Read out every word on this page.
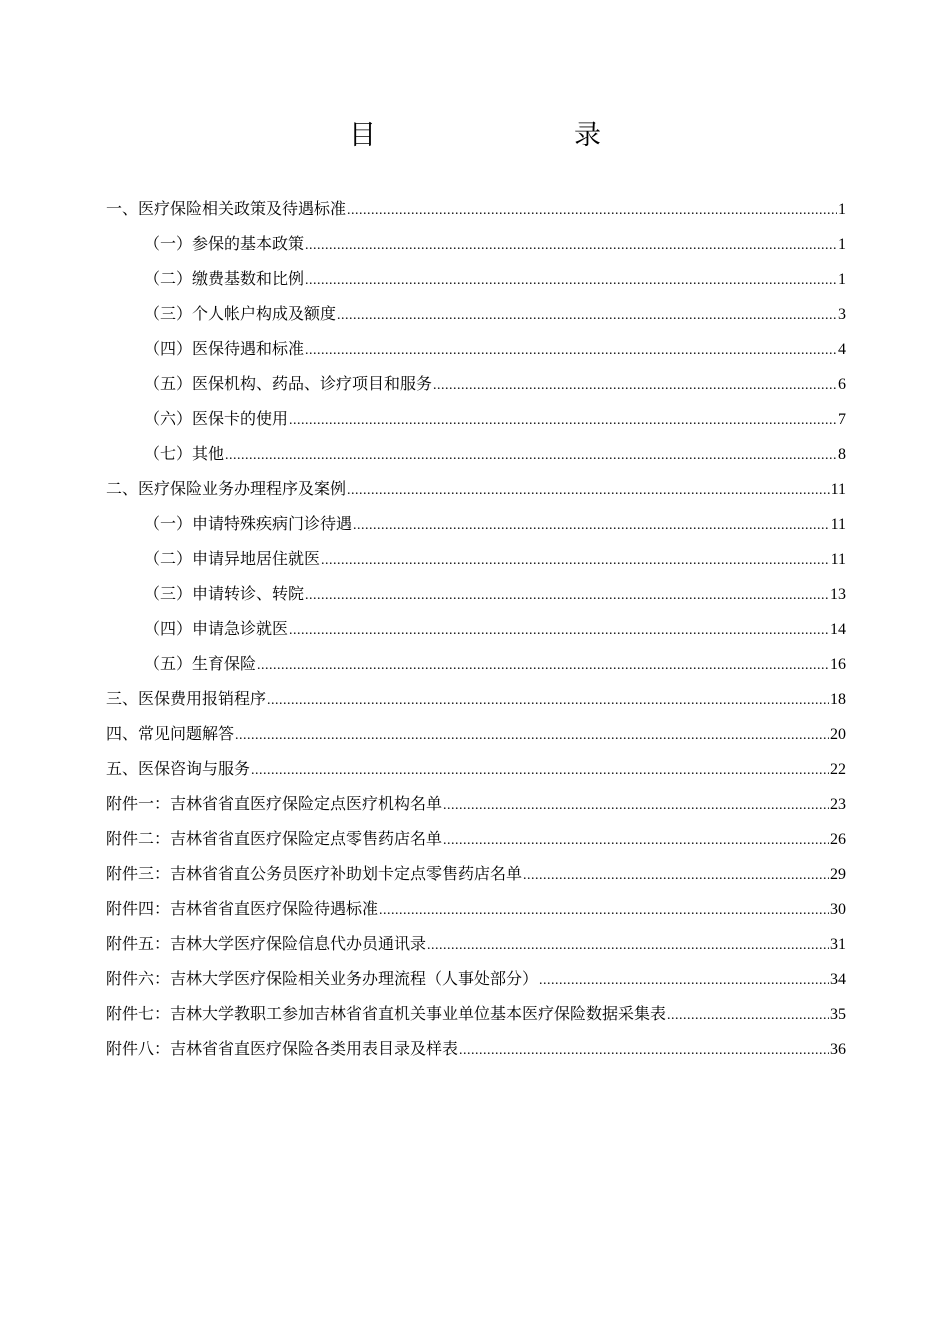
目　　录
一、医疗保险相关政策及待遇标准 .....	1
（一）参保的基本政策 .....	1
（二）缴费基数和比例 .....	1
（三）个人帐户构成及额度 .....	3
（四）医保待遇和标准 .....	4
（五）医保机构、药品、诊疗项目和服务 .....	6
（六）医保卡的使用 .....	7
（七）其他 .....	8
二、医疗保险业务办理程序及案例 .....	11
（一）申请特殊疾病门诊待遇 .....	11
（二）申请异地居住就医 .....	11
（三）申请转诊、转院 .....	13
（四）申请急诊就医 .....	14
（五）生育保险 .....	16
三、医保费用报销程序 .....	18
四、常见问题解答 .....	20
五、医保咨询与服务 .....	22
附件一：吉林省省直医疗保险定点医疗机构名单 .....	23
附件二：吉林省省直医疗保险定点零售药店名单 .....	26
附件三：吉林省省直公务员医疗补助划卡定点零售药店名单 .....	29
附件四：吉林省省直医疗保险待遇标准 .....	30
附件五：吉林大学医疗保险信息代办员通讯录 .....	31
附件六：吉林大学医疗保险相关业务办理流程（人事处部分） .....	34
附件七：吉林大学教职工参加吉林省省直机关事业单位基本医疗保险数据采集表 .....	35
附件八：吉林省省直医疗保险各类用表目录及样表 .....	36
